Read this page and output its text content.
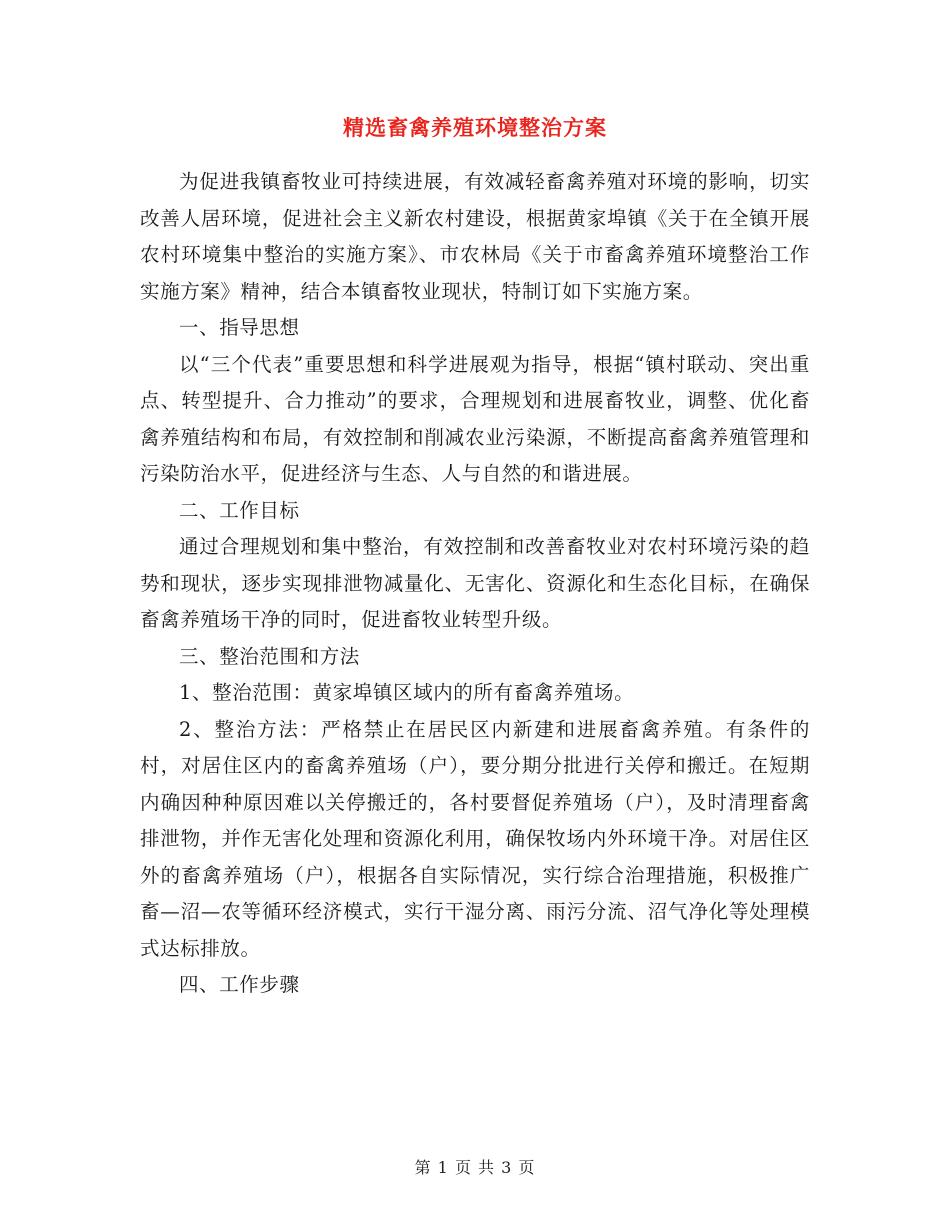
精选畜禽养殖环境整治方案

为促进我镇畜牧业可持续进展，有效减轻畜禽养殖对环境的影响，切实改善人居环境，促进社会主义新农村建设，根据黄家埠镇《关于在全镇开展农村环境集中整治的实施方案》、市农林局《关于市畜禽养殖环境整治工作实施方案》精神，结合本镇畜牧业现状，特制订如下实施方案。

一、指导思想

以“三个代表”重要思想和科学进展观为指导，根据“镇村联动、突出重点、转型提升、合力推动”的要求，合理规划和进展畜牧业，调整、优化畜禽养殖结构和布局，有效控制和削减农业污染源，不断提高畜禽养殖管理和污染防治水平，促进经济与生态、人与自然的和谐进展。

二、工作目标

通过合理规划和集中整治，有效控制和改善畜牧业对农村环境污染的趋势和现状，逐步实现排泄物减量化、无害化、资源化和生态化目标，在确保畜禽养殖场干净的同时，促进畜牧业转型升级。

三、整治范围和方法

1、整治范围：黄家埠镇区域内的所有畜禽养殖场。

2、整治方法：严格禁止在居民区内新建和进展畜禽养殖。有条件的村，对居住区内的畜禽养殖场（户），要分期分批进行关停和搬迁。在短期内确因种种原因难以关停搬迁的，各村要督促养殖场（户），及时清理畜禽排泄物，并作无害化处理和资源化利用，确保牧场内外环境干净。对居住区外的畜禽养殖场（户），根据各自实际情况，实行综合治理措施，积极推广畜—沼—农等循环经济模式，实行干湿分离、雨污分流、沼气净化等处理模式达标排放。

四、工作步骤

第 1 页 共 3 页
